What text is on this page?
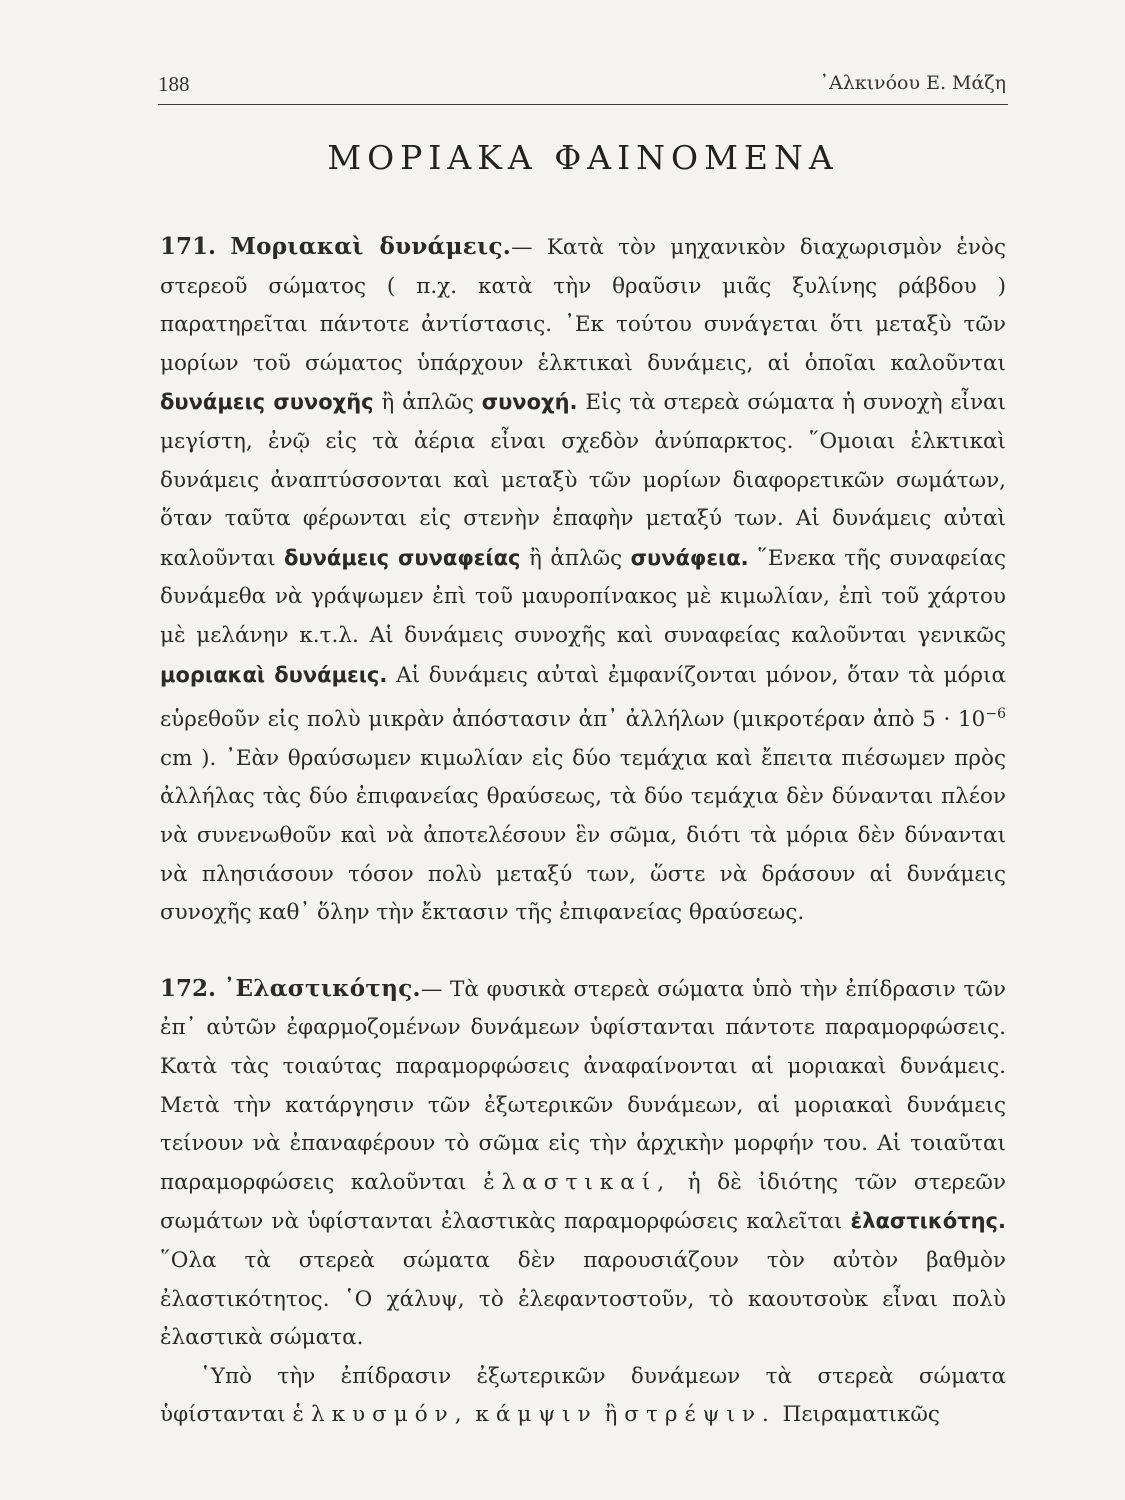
188	᾿Αλκινόου Ε. Μάζη
ΜΟΡΙΑΚΑ ΦΑΙΝΟΜΕΝΑ

171. Μοριακαὶ δυνάμεις.— Κατὰ τὸν μηχανικὸν διαχωρισμὸν ἑνὸς στερεοῦ σώματος ( π.χ. κατὰ τὴν θραῦσιν μιᾶς ξυλίνης ράβδου ) παρατηρεῖται πάντοτε ἀντίστασις. ᾿Εκ τούτου συνάγεται ὅτι μεταξὺ τῶν μορίων τοῦ σώματος ὑπάρχουν ἑλκτικαὶ δυνάμεις, αἱ ὁποῖαι καλοῦνται δυνάμεις συνοχῆς ἢ ἁπλῶς συνοχή. Εἰς τὰ στερεὰ σώματα ἡ συνοχὴ εἶναι μεγίστη, ἐνῷ εἰς τὰ ἀέρια εἶναι σχεδὸν ἀνύπαρκτος. ῞Ομοιαι ἑλκτικαὶ δυνάμεις ἀναπτύσσονται καὶ μεταξὺ τῶν μορίων διαφορετικῶν σωμάτων, ὅταν ταῦτα φέρωνται εἰς στενὴν ἐπαφὴν μεταξύ των. Αἱ δυνάμεις αὐταὶ καλοῦνται δυνάμεις συναφείας ἢ ἁπλῶς συνάφεια. ῞Ενεκα τῆς συναφείας δυνάμεθα νὰ γράψωμεν ἐπὶ τοῦ μαυροπίνακος μὲ κιμωλίαν, ἐπὶ τοῦ χάρτου μὲ μελάνην κ.τ.λ. Αἱ δυνάμεις συνοχῆς καὶ συναφείας καλοῦνται γενικῶς μοριακαὶ δυνάμεις. Αἱ δυνάμεις αὐταὶ ἐμφανίζονται μόνον, ὅταν τὰ μόρια εὑρεθοῦν εἰς πολὺ μικρὰν ἀπόστασιν ἀπ᾿ ἀλλήλων (μικροτέραν ἀπὸ $5 \cdot 10^{-6}$ cm ). ᾿Εὰν θραύσωμεν κιμωλίαν εἰς δύο τεμάχια καὶ ἔπειτα πιέσωμεν πρὸς ἀλλήλας τὰς δύο ἐπιφανείας θραύσεως, τὰ δύο τεμάχια δὲν δύνανται πλέον νὰ συνενωθοῦν καὶ νὰ ἀποτελέσουν ἓν σῶμα, διότι τὰ μόρια δὲν δύνανται νὰ πλησιάσουν τόσον πολὺ μεταξύ των, ὥστε νὰ δράσουν αἱ δυνάμεις συνοχῆς καθ᾿ ὅλην τὴν ἔκτασιν τῆς ἐπιφανείας θραύσεως.

172. ᾿Ελαστικότης.— Τὰ φυσικὰ στερεὰ σώματα ὑπὸ τὴν ἐπίδρασιν τῶν ἐπ᾿ αὐτῶν ἐφαρμοζομένων δυνάμεων ὑφίστανται πάντοτε παραμορφώσεις. Κατὰ τὰς τοιαύτας παραμορφώσεις ἀναφαίνονται αἱ μοριακαὶ δυνάμεις. Μετὰ τὴν κατάργησιν τῶν ἐξωτερικῶν δυνάμεων, αἱ μοριακαὶ δυνάμεις τείνουν νὰ ἐπαναφέρουν τὸ σῶμα εἰς τὴν ἀρχικὴν μορφήν του. Αἱ τοιαῦται παραμορφώσεις καλοῦνται ἐλαστικαί, ἡ δὲ ἰδιότης τῶν στερεῶν σωμάτων νὰ ὑφίστανται ἐλαστικὰς παραμορφώσεις καλεῖται ἐλαστικότης. ῞Ολα τὰ στερεὰ σώματα δὲν παρουσιάζουν τὸν αὐτὸν βαθμὸν ἐλαστικότητος. ῾Ο χάλυψ, τὸ ἐλεφαντοστοῦν, τὸ καουτσοὺκ εἶναι πολὺ ἐλαστικὰ σώματα.

῾Υπὸ τὴν ἐπίδρασιν ἐξωτερικῶν δυνάμεων τὰ στερεὰ σώματα ὑφίστανται ἑλκυσμόν, κάμψιν ἢ στρέψιν. Πειραματικῶς
